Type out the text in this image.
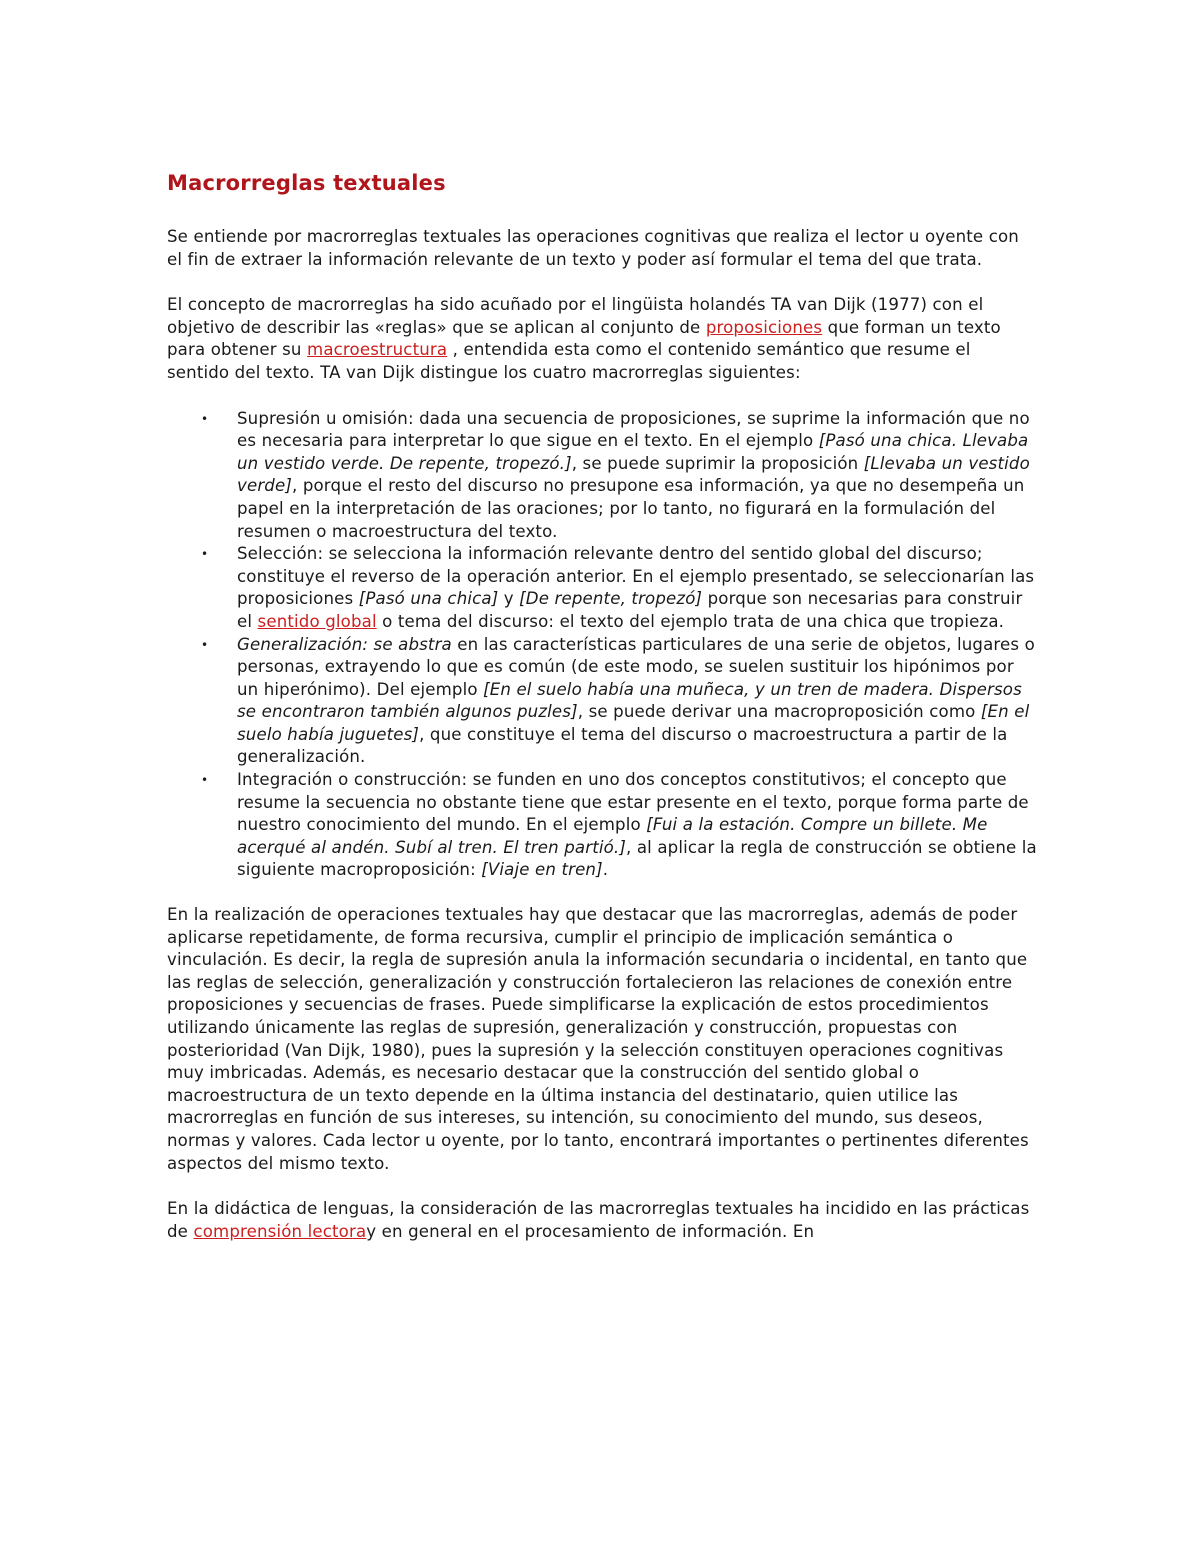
Macrorreglas textuales

Se entiende por macrorreglas textuales las operaciones cognitivas que realiza el lector u oyente con el fin de extraer la información relevante de un texto y poder así formular el tema del que trata.

El concepto de macrorreglas ha sido acuñado por el lingüista holandés TA van Dijk (1977) con el objetivo de describir las «reglas» que se aplican al conjunto de proposiciones que forman un texto para obtener su macroestructura , entendida esta como el contenido semántico que resume el sentido del texto. TA van Dijk distingue los cuatro macrorreglas siguientes:

• Supresión u omisión: dada una secuencia de proposiciones, se suprime la información que no es necesaria para interpretar lo que sigue en el texto. En el ejemplo [Pasó una chica. Llevaba un vestido verde. De repente, tropezó.], se puede suprimir la proposición [Llevaba un vestido verde], porque el resto del discurso no presupone esa información, ya que no desempeña un papel en la interpretación de las oraciones; por lo tanto, no figurará en la formulación del resumen o macroestructura del texto.
• Selección: se selecciona la información relevante dentro del sentido global del discurso; constituye el reverso de la operación anterior. En el ejemplo presentado, se seleccionarían las proposiciones [Pasó una chica] y [De repente, tropezó] porque son necesarias para construir el sentido global o tema del discurso: el texto del ejemplo trata de una chica que tropieza.
• Generalización: se abstra en las características particulares de una serie de objetos, lugares o personas, extrayendo lo que es común (de este modo, se suelen sustituir los hipónimos por un hiperónimo). Del ejemplo [En el suelo había una muñeca, y un tren de madera. Dispersos se encontraron también algunos puzles], se puede derivar una macroproposición como [En el suelo había juguetes], que constituye el tema del discurso o macroestructura a partir de la generalización.
• Integración o construcción: se funden en uno dos conceptos constitutivos; el concepto que resume la secuencia no obstante tiene que estar presente en el texto, porque forma parte de nuestro conocimiento del mundo. En el ejemplo [Fui a la estación. Compre un billete. Me acerqué al andén. Subí al tren. El tren partió.], al aplicar la regla de construcción se obtiene la siguiente macroproposición: [Viaje en tren].

En la realización de operaciones textuales hay que destacar que las macrorreglas, además de poder aplicarse repetidamente, de forma recursiva, cumplir el principio de implicación semántica o vinculación. Es decir, la regla de supresión anula la información secundaria o incidental, en tanto que las reglas de selección, generalización y construcción fortalecieron las relaciones de conexión entre proposiciones y secuencias de frases. Puede simplificarse la explicación de estos procedimientos utilizando únicamente las reglas de supresión, generalización y construcción, propuestas con posterioridad (Van Dijk, 1980), pues la supresión y la selección constituyen operaciones cognitivas muy imbricadas. Además, es necesario destacar que la construcción del sentido global o macroestructura de un texto depende en la última instancia del destinatario, quien utilice las macrorreglas en función de sus intereses, su intención, su conocimiento del mundo, sus deseos, normas y valores. Cada lector u oyente, por lo tanto, encontrará importantes o pertinentes diferentes aspectos del mismo texto.

En la didáctica de lenguas, la consideración de las macrorreglas textuales ha incidido en las prácticas de comprensión lectoray en general en el procesamiento de información. En
